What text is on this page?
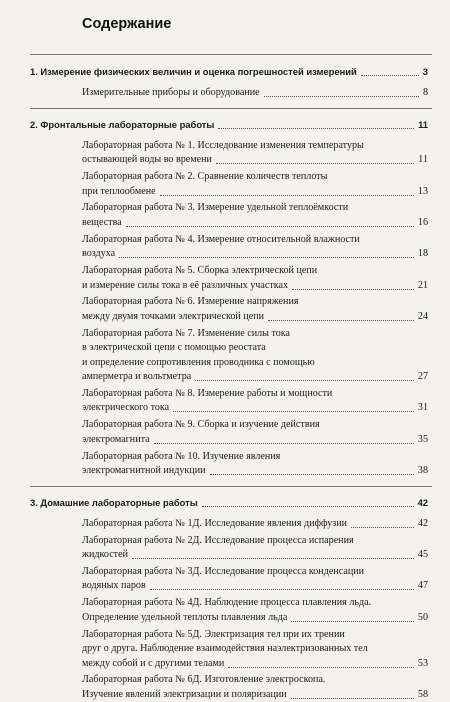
Содержание
1. Измерение физических величин и оценка погрешностей измерений	3
Измерительные приборы и оборудование	8
2. Фронтальные лабораторные работы	11
Лабораторная работа № 1. Исследование изменения температуры
остывающей воды во времени	11
Лабораторная работа № 2. Сравнение количеств теплоты
при теплообмене	13
Лабораторная работа № 3. Измерение удельной теплоёмкости
вещества	16
Лабораторная работа № 4. Измерение относительной влажности
воздуха	18
Лабораторная работа № 5. Сборка электрической цепи
и измерение силы тока в её различных участках	21
Лабораторная работа № 6. Измерение напряжения
между двумя точками электрической цепи	24
Лабораторная работа № 7. Изменение силы тока
в электрической цепи с помощью реостата
и определение сопротивления проводника с помощью
амперметра и вольтметра	27
Лабораторная работа № 8. Измерение работы и мощности
электрического тока	31
Лабораторная работа № 9. Сборка и изучение действия
электромагнита	35
Лабораторная работа № 10. Изучение явления
электромагнитной индукции	38
3. Домашние лабораторные работы	42
Лабораторная работа № 1Д. Исследование явления диффузии	42
Лабораторная работа № 2Д. Исследование процесса испарения
жидкостей	45
Лабораторная работа № 3Д. Исследование процесса конденсации
водяных паров	47
Лабораторная работа № 4Д. Наблюдение процесса плавления льда.
Определение удельной теплоты плавления льда	50
Лабораторная работа № 5Д. Электризация тел при их трении
друг о друга. Наблюдение взаимодействия наэлектризованных тел
между собой и с другими телами	53
Лабораторная работа № 6Д. Изготовление электроскопа.
Изучение явлений электризации и поляризации	58
